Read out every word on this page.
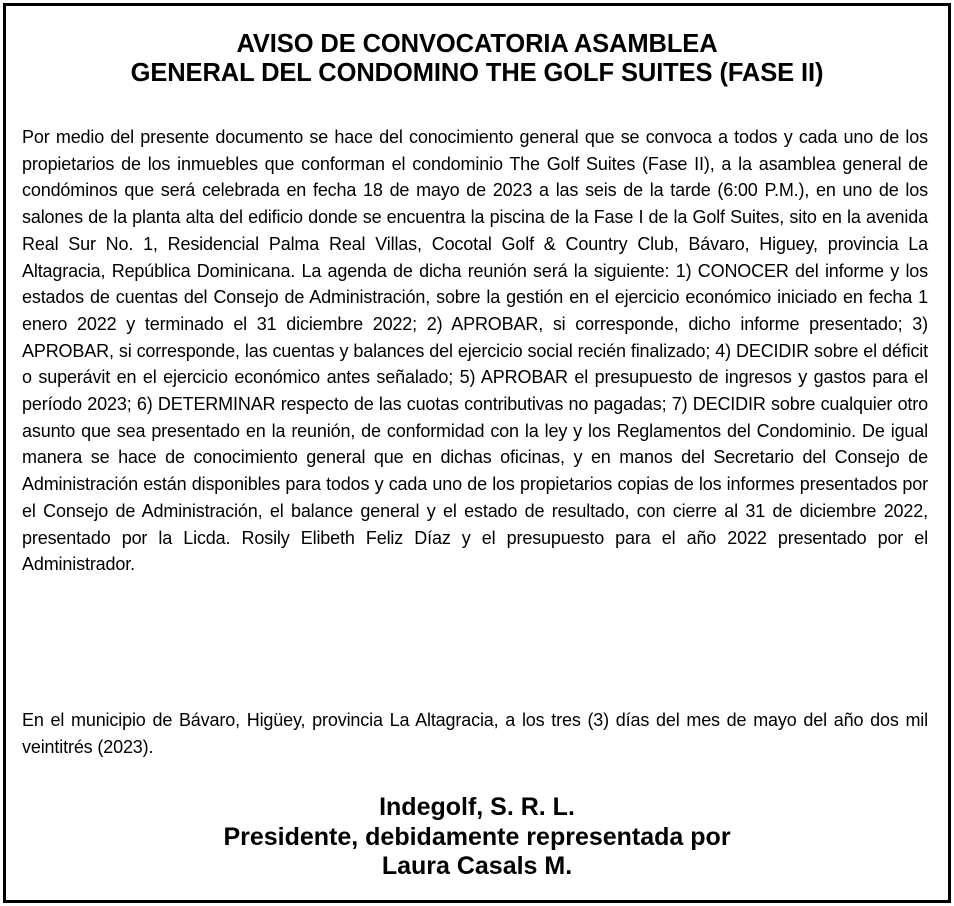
AVISO DE CONVOCATORIA ASAMBLEA
GENERAL DEL CONDOMINO THE GOLF SUITES (FASE II)

Por medio del presente documento se hace del conocimiento general que se convoca a todos y cada uno de los propietarios de los inmuebles que conforman el condominio The Golf Suites (Fase II), a la asamblea general de condóminos que será celebrada en fecha 18 de mayo de 2023 a las seis de la tarde (6:00 P.M.), en uno de los salones de la planta alta del edificio donde se encuentra la piscina de la Fase I de la Golf Suites, sito en la avenida Real Sur No. 1, Residencial Palma Real Villas, Cocotal Golf & Country Club, Bávaro, Higuey, provincia La Altagracia, República Dominicana. La agenda de dicha reunión será la siguiente: 1) CONOCER del informe y los estados de cuentas del Consejo de Administración, sobre la gestión en el ejercicio económico iniciado en fecha 1 enero 2022 y terminado el 31 diciembre 2022; 2) APROBAR, si corresponde, dicho informe presentado; 3) APROBAR, si corresponde, las cuentas y balances del ejercicio social recién finalizado; 4) DECIDIR sobre el déficit o superávit en el ejercicio económico antes señalado; 5) APROBAR el presupuesto de ingresos y gastos para el período 2023; 6) DETERMINAR respecto de las cuotas contributivas no pagadas; 7) DECIDIR sobre cualquier otro asunto que sea presentado en la reunión, de conformidad con la ley y los Reglamentos del Condominio. De igual manera se hace de conocimiento general que en dichas oficinas, y en manos del Secretario del Consejo de Administración están disponibles para todos y cada uno de los propietarios copias de los informes presentados por el Consejo de Administración, el balance general y el estado de resultado, con cierre al 31 de diciembre 2022, presentado por la Licda. Rosily Elibeth Feliz Díaz y el presupuesto para el año 2022 presentado por el Administrador.

En el municipio de Bávaro, Higüey, provincia La Altagracia, a los tres (3) días del mes de mayo del año dos mil veintitrés (2023).

Indegolf, S. R. L.
Presidente, debidamente representada por
Laura Casals M.
